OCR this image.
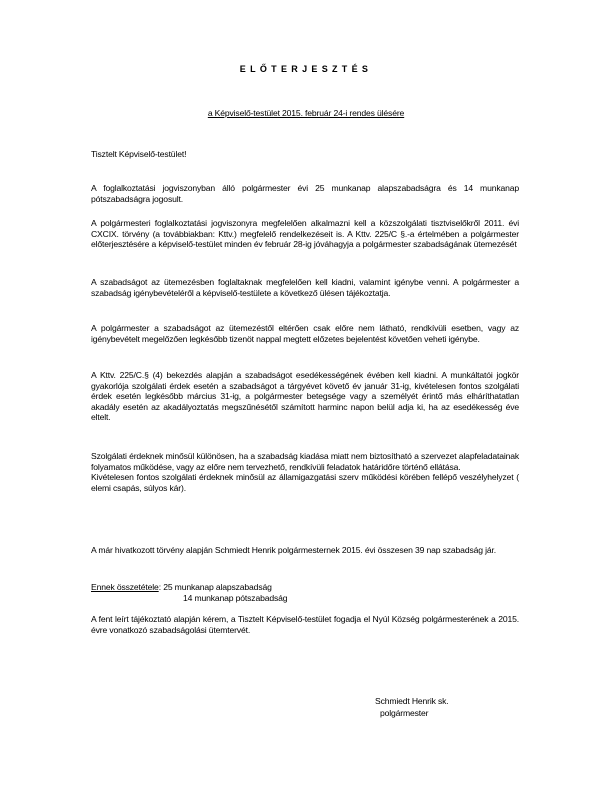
ELŐTERJESZTÉS
a Képviselő-testület 2015. február 24-i rendes ülésére
Tisztelt Képviselő-testület!
A foglalkoztatási jogviszonyban álló polgármester évi 25 munkanap alapszabadságra és 14 munkanap pótszabadságra jogosult.
A polgármesteri foglalkoztatási jogviszonyra megfelelően alkalmazni kell a közszolgálati tisztviselőkről 2011. évi CXCIX. törvény (a továbbiakban: Kttv.) megfelelő rendelkezéseit is. A Kttv. 225/C §.-a értelmében a polgármester előterjesztésére a képviselő-testület minden év február 28-ig jóváhagyja a polgármester szabadságának ütemezését
A szabadságot az ütemezésben foglaltaknak megfelelően kell kiadni, valamint igénybe venni. A polgármester a szabadság igénybevételéről a képviselő-testülete a következő ülésen tájékoztatja.
A polgármester a szabadságot az ütemezéstől eltérően csak előre nem látható, rendkívüli esetben, vagy az igénybevételt megelőzően legkésőbb tizenöt nappal megtett előzetes bejelentést követően veheti igénybe.
A Kttv. 225/C.§ (4) bekezdés alapján a szabadságot esedékességének évében kell kiadni. A munkáltatói jogkör gyakorlója szolgálati érdek esetén a szabadságot a tárgyévet követő év január 31-ig, kivételesen fontos szolgálati érdek esetén legkésőbb március 31-ig, a polgármester betegsége vagy a személyét érintő más elháríthatatlan akadály esetén az akadályoztatás megszűnésétől számított harminc napon belül adja ki, ha az esedékesség éve eltelt.
Szolgálati érdeknek minősül különösen, ha a szabadság kiadása miatt nem biztosítható a szervezet alapfeladatainak folyamatos működése, vagy az előre nem tervezhető, rendkívüli feladatok határidőre történő ellátása.
Kivételesen fontos szolgálati érdeknek minősül az államigazgatási szerv működési körében fellépő veszélyhelyzet ( elemi csapás, súlyos kár).
A már hivatkozott törvény alapján Schmiedt Henrik polgármesternek 2015. évi összesen 39 nap szabadság jár.
Ennek összetétele :
25 munkanap alapszabadság
14 munkanap pótszabadság
A fent leírt tájékoztató alapján kérem, a Tisztelt Képviselő-testület fogadja el Nyúl Község polgármesterének a 2015. évre vonatkozó szabadságolási ütemtervét.
Schmiedt Henrik sk.
polgármester
